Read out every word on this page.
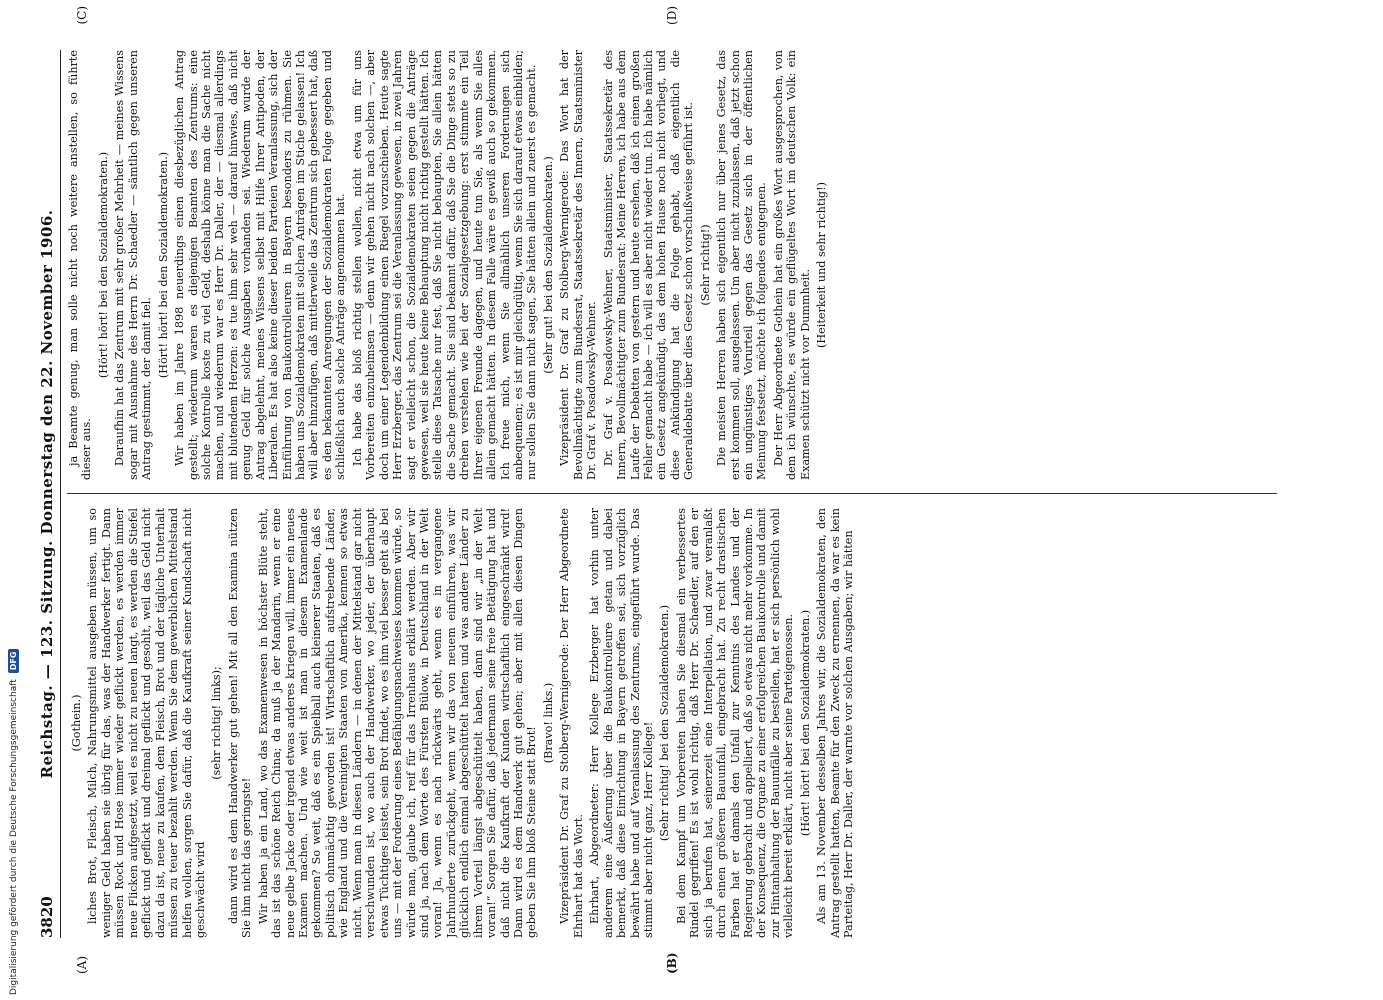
3820
Reichstag. — 123. Sitzung. Donnerstag den 22. November 1906. (Gothein.) liches Brot, Fleisch, Milch, Nahrungsmittel ausgeben müssen, um so weniger Geld haben sie übrig für das, was der Handwerker fertigt. Dann müssen Rock und Hose immer wieder geflickt werden, es werden immer neue Flicken aufgesetzt, weil es nicht zu neuen langt, es werden die Stiefel geflickt und geflickt und dreimal geflickt und gesohlt, weil das Geld nicht dazu da ist, neue zu kaufen, dem Fleisch, Brot und der tägliche Unterhalt müssen zu teuer bezahlt werden. Wenn Sie dem gewerblichen Mittelstand helfen wollen, sorgen Sie dafür, daß die Kaufkraft seiner Kundschaft nicht geschwächt wird

(sehr richtig! links); dann wird es dem Handwerker gut gehen! Mit all den Examina nützen Sie ihm nicht das geringste! Wir haben ja ein Land, wo das Examenwesen in höchster Blüte steht, das ist das schöne Reich China; da muß ja der Mandarin, wenn er eine neue gelbe Jacke oder irgend etwas anderes kriegen will, immer ein neues Examen machen. Und wie weit ist man in diesem Examenlande gekommen? So weit, daß es ein Spielball auch kleinerer Staaten, daß es politisch ohnmächtig geworden ist! Wirtschaftlich aufstrebende Länder, wie England und die Vereinigten Staaten von Amerika, kennen so etwas nicht. Wenn man in diesen Ländern — in denen der Mittelstand gar nicht verschwunden ist, wo auch der Handwerker, wo jeder, der überhaupt etwas Tüchtiges leistet, sein Brot findet, wo es ihm viel besser geht als bei uns — mit der Forderung eines Befähigungsnachweises kommen würde, so würde man, glaube ich, reif für das Irrenhaus erklärt werden. Aber wir sind ja, nach dem Worte des Fürsten Bülow, in Deutschland in der Welt voran! Ja, wenn es nach rückwärts geht, wenn es in vergangene Jahrhunderte zurückgeht, wenn wir das von neuem einführen, was wir glücklich endlich einmal abgeschüttelt hatten und was andere Länder zu ihrem Vorteil längst abgeschüttelt haben, dann sind wir „in der Welt voran!“ Sorgen Sie dafür, daß jedermann seine freie Betätigung hat und daß nicht die Kaufkraft der Kunden wirtschaftlich eingeschränkt wird! Dann wird es dem Handwerk gut gehen; aber mit allen diesen Dingen geben Sie ihm bloß Steine statt Brot!

(Bravo! links.) Vizepräsident Dr. Graf zu Stolberg-Wernigerode: Der Herr Abgeordnete Ehrhart hat das Wort. Ehrhart, Abgeordneter: Herr Kollege Erzberger hat vorhin unter anderem eine Äußerung über die Baukontrolleure getan und dabei bemerkt, daß diese Einrichtung in Bayern getroffen sei, sich vorzüglich bewährt habe und auf Veranlassung des Zentrums, eingeführt wurde. Das stimmt aber nicht ganz, Herr Kollege! (Sehr richtig! bei den Sozialdemokraten.) Bei dem Kampf um Vorbereiten haben Sie diesmal ein verbessertes Rindel gegriffen! Es ist wohl richtig, daß Herr Dr. Schaedler, auf den er sich ja berufen hat, seinerzeit eine Interpellation, und zwar veranlaßt durch einen größeren Bauunfall, eingebracht hat. Zu recht drastischen Farben hat er damals den Unfall zur Kenntnis des Landes und der Regierung gebracht und appelliert, daß so etwas nicht mehr vorkomme. In der Konsequenz, die Organe zu einer erfolgreichen Baukontrolle und damit zur Hintanhaltung der Bauunfälle zu bestellen, hat er sich persönlich wohl vielleicht bereit erklärt, nicht aber seine Parteigenossen. (Hört! hört! bei den Sozialdemokraten.) Als am 13. November desselben Jahres wir, die Sozialdemokraten, den Antrag gestellt hatten, Beamte für den Zweck zu ernennen, da war es kein Parteitag, Herr Dr. Daller, der warnte vor solchen Ausgaben; wir hätten

ja Beamte genug, man solle nicht noch weitere anstellen, so führte dieser aus.

(Hört! hört! bei den Sozialdemokraten.) Daraufhin hat das Zentrum mit sehr großer Mehrheit — meines Wissens sogar mit Ausnahme des Herrn Dr. Schaedler — sämtlich gegen unseren Antrag gestimmt, der damit fiel.

(Hört! hört! bei den Sozialdemokraten.) Wir haben im Jahre 1898 neuerdings einen diesbezüglichen Antrag gestellt; wiederum waren es diejenigen Beamten des Zentrums: eine solche Kontrolle koste zu viel Geld, deshalb könne man die Sache nicht machen, und wiederum war es Herr Dr. Daller, der — diesmal allerdings mit blutendem Herzen: es tue ihm sehr weh — darauf hinwies, daß nicht genug Geld für solche Ausgaben vorhanden sei. Wiederum wurde der Antrag abgelehnt, meines Wissens selbst mit Hilfe Ihrer Antipoden, der Liberalen. Es hat also keine dieser beiden Parteien Veranlassung, sich der Einführung von Baukontrolleuren in Bayern besonders zu rühmen. Sie haben uns Sozialdemokraten mit solchen Anträgen im Stiche gelassen! Ich will aber hinzufügen, daß mittlerweile das Zentrum sich gebessert hat, daß es den bekannten Anregungen der Sozialdemokraten Folge gegeben und schließlich auch solche Anträge angenommen hat. Ich habe das bloß richtig stellen wollen, nicht etwa um für uns Vorbereiten einzuheimsen — denn wir gehen nicht nach solchen —, aber doch um einer Legendenbildung einen Riegel vorzuschieben. Heute sagte Herr Erzberger, das Zentrum sei die Veranlassung gewesen, in zwei Jahren sagt er vielleicht schon, die Sozialdemokraten seien gegen die Anträge gewesen, weil sie heute keine Behauptung nicht richtig gestellt hätten. Ich stelle diese Tatsache nur fest, daß Sie nicht behaupten, Sie allein hätten die Sache gemacht. Sie sind bekannt dafür, daß Sie die Dinge stets so zu drehen verstehen wie bei der Sozialgesetzgebung: erst stimmte ein Teil Ihrer eigenen Freunde dagegen, und heute tun Sie, als wenn Sie alles allein gemacht hätten. In diesem Falle wäre es gewiß auch so gekommen. Ich freue mich, wenn Sie allmählich unseren Forderungen sich anbequemen; es ist mir gleichgültig, wenn Sie sich darauf etwas einbilden; nur sollen Sie dann nicht sagen, Sie hätten allein und zuerst es gemacht. (Sehr gut! bei den Sozialdemokraten.) Vizepräsident Dr. Graf zu Stolberg-Wernigerode: Das Wort hat der Bevollmächtigte zum Bundesrat, Staatssekretär des Innern, Staatsminister Dr. Graf v. Posadowsky-Wehner. Dr. Graf v. Posadowsky-Wehner, Staatsminister, Staatssekretär des Innern, Bevollmächtigter zum Bundesrat: Meine Herren, ich habe aus dem Laufe der Debatten von gestern und heute ersehen, daß ich einen großen Fehler gemacht habe — ich will es aber nicht wieder tun. Ich habe nämlich ein Gesetz angekündigt, das dem hohen Hause noch nicht vorliegt, und diese Ankündigung hat die Folge gehabt, daß eigentlich die Generaldebatte über dies Gesetz schon vorschußweise geführt ist. (Sehr richtig!) Die meisten Herren haben sich eigentlich nur über jenes Gesetz, das erst kommen soll, ausgelassen. Um aber nicht zuzulassen, daß jetzt schon ein ungünstiges Vorurteil gegen das Gesetz sich in der öffentlichen Meinung festsetzt, möchte ich folgendes entgegnen. Der Herr Abgeordnete Gothein hat ein großes Wort ausgesprochen, von dem ich wünschte, es würde ein geflügeltes Wort im deutschen Volk: ein Examen schützt nicht vor Dummheit.

(Heiterkeit und sehr richtig!)

(A)	(B)
(C)	(D)
Digitalisierung gefördert durch die Deutsche Forschungsgemeinschaft
DFG
